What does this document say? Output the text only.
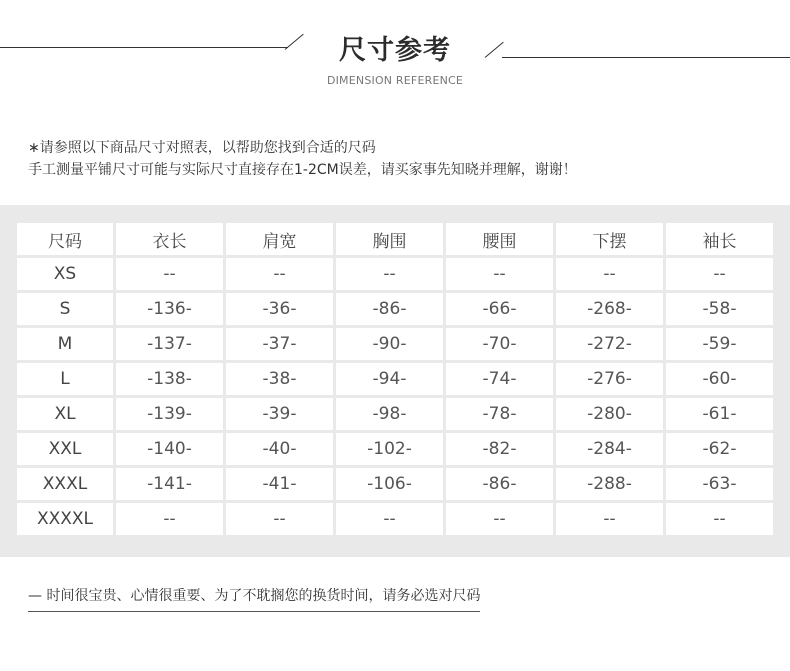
尺寸参考
DIMENSION REFERENCE
∗请参照以下商品尺寸对照表，以帮助您找到合适的尺码
手工测量平铺尺寸可能与实际尺寸直接存在1-2CM误差，请买家事先知晓并理解，谢谢！
尺码	衣长	肩宽	胸围	腰围	下摆	袖长
XS	--	--	--	--	--	--
S	-136-	-36-	-86-	-66-	-268-	-58-
M	-137-	-37-	-90-	-70-	-272-	-59-
L	-138-	-38-	-94-	-74-	-276-	-60-
XL	-139-	-39-	-98-	-78-	-280-	-61-
XXL	-140-	-40-	-102-	-82-	-284-	-62-
XXXL	-141-	-41-	-106-	-86-	-288-	-63-
XXXXL	--	--	--	--	--	--
— 时间很宝贵、心情很重要、为了不耽搁您的换货时间，请务必选对尺码
